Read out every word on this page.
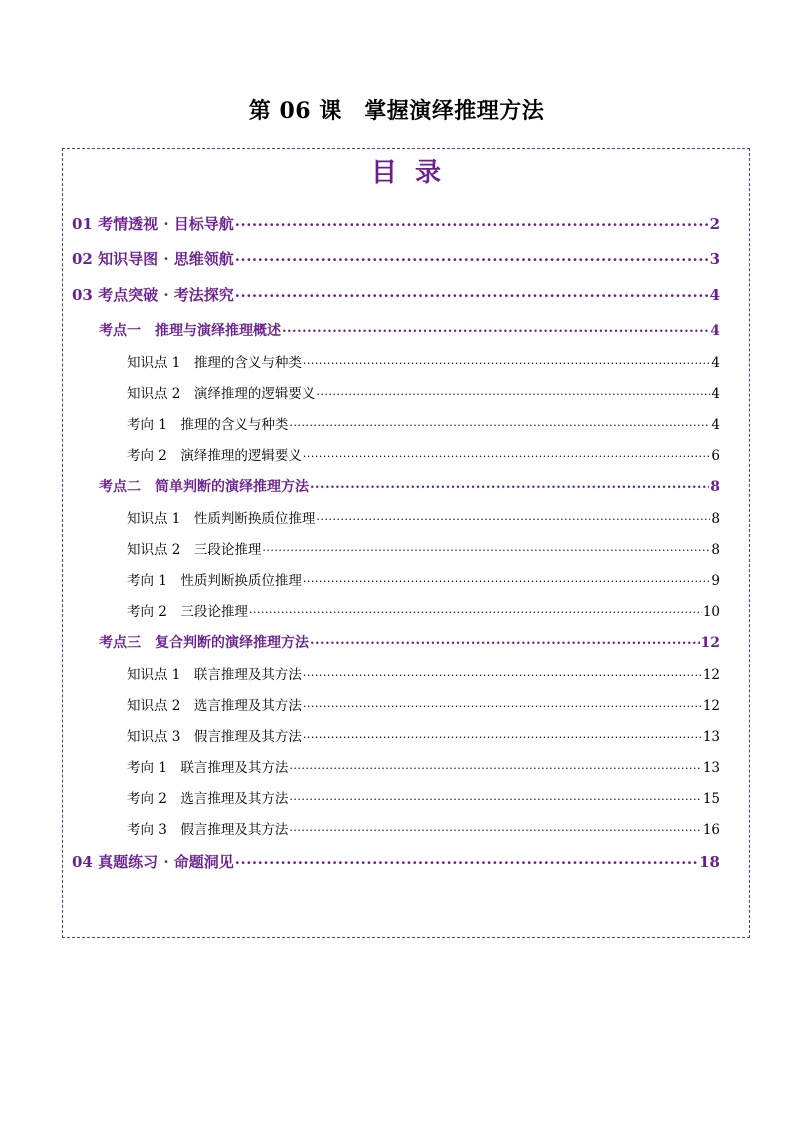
第 06 课　掌握演绎推理方法
目录
01 考情透视 · 目标导航 .....	2
02 知识导图 · 思维领航 .....	3
03 考点突破 · 考法探究 .....	4
考点一　推理与演绎推理概述 .....	4
知识点 1　推理的含义与种类 .....	4
知识点 2　演绎推理的逻辑要义 .....	4
考向 1　推理的含义与种类 .....	4
考向 2　演绎推理的逻辑要义 .....	6
考点二　简单判断的演绎推理方法 .....	8
知识点 1　性质判断换质位推理 .....	8
知识点 2　三段论推理 .....	8
考向 1　性质判断换质位推理 .....	9
考向 2　三段论推理 .....	10
考点三　复合判断的演绎推理方法 .....	12
知识点 1　联言推理及其方法 .....	12
知识点 2　选言推理及其方法 .....	12
知识点 3　假言推理及其方法 .....	13
考向 1　联言推理及其方法 .....	13
考向 2　选言推理及其方法 .....	15
考向 3　假言推理及其方法 .....	16
04 真题练习 · 命题洞见 .....	18
